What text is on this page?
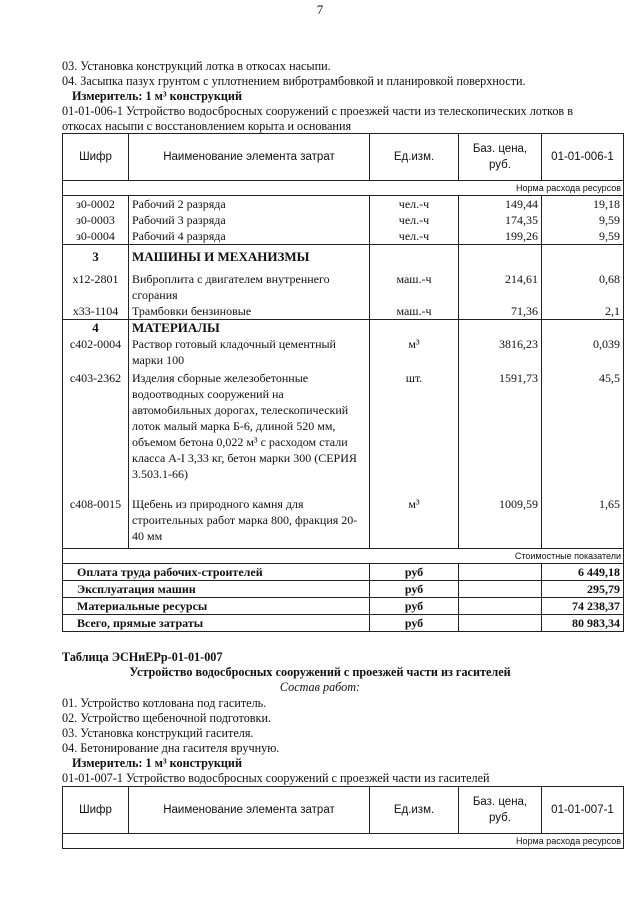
7
03. Установка конструкций лотка в откосах насыпи.
04. Засыпка пазух грунтом с уплотнением вибротрамбовкой и планировкой поверхности.
Измеритель: 1 м³ конструкций
01-01-006-1 Устройство водосбросных сооружений с проезжей части из телескопических лотков в
откосах насыпи с восстановлением корыта и основания
Шифр	Наименование элемента затрат	Ед.изм.	Баз. цена, руб.	01-01-006-1
Норма расхода ресурсов				
з0-0002	Рабочий 2 разряда	чел.-ч	149,44	19,18
з0-0003	Рабочий 3 разряда	чел.-ч	174,35	9,59
з0-0004	Рабочий 4 разряда	чел.-ч	199,26	9,59
3	МАШИНЫ И МЕХАНИЗМЫ			
х12-2801	Виброплита с двигателем внутреннего сгорания	маш.-ч	214,61	0,68
х33-1104	Трамбовки бензиновые	маш.-ч	71,36	2,1
4	МАТЕРИАЛЫ			
с402-0004	Раствор готовый кладочный цементный марки 100	м³	3816,23	0,039
с403-2362	Изделия сборные железобетонные водоотводных сооружений на автомобильных дорогах, телескопический лоток малый марка Б-6, длиной 520 мм, объемом бетона 0,022 м³ с расходом стали класса А-I 3,33 кг, бетон марки 300 (СЕРИЯ 3.503.1-66)	шт.	1591,73	45,5
с408-0015	Щебень из природного камня для строительных работ марка 800, фракция 20-40 мм	м³	1009,59	1,65
Стоимостные показатели				
Оплата труда рабочих-строителей		руб		6 449,18
Эксплуатация машин		руб		295,79
Материальные ресурсы		руб		74 238,37
Всего, прямые затраты		руб		80 983,34
Таблица ЭСНиЕРр-01-01-007
Устройство водосбросных сооружений с проезжей части из гасителей
Состав работ:
01. Устройство котлована под гаситель.
02. Устройство щебеночной подготовки.
03. Установка конструкций гасителя.
04. Бетонирование дна гасителя вручную.
Измеритель: 1 м³ конструкций
01-01-007-1 Устройство водосбросных сооружений с проезжей части из гасителей
Шифр	Наименование элемента затрат	Ед.изм.	Баз. цена, руб.	01-01-007-1
Норма расхода ресурсов
